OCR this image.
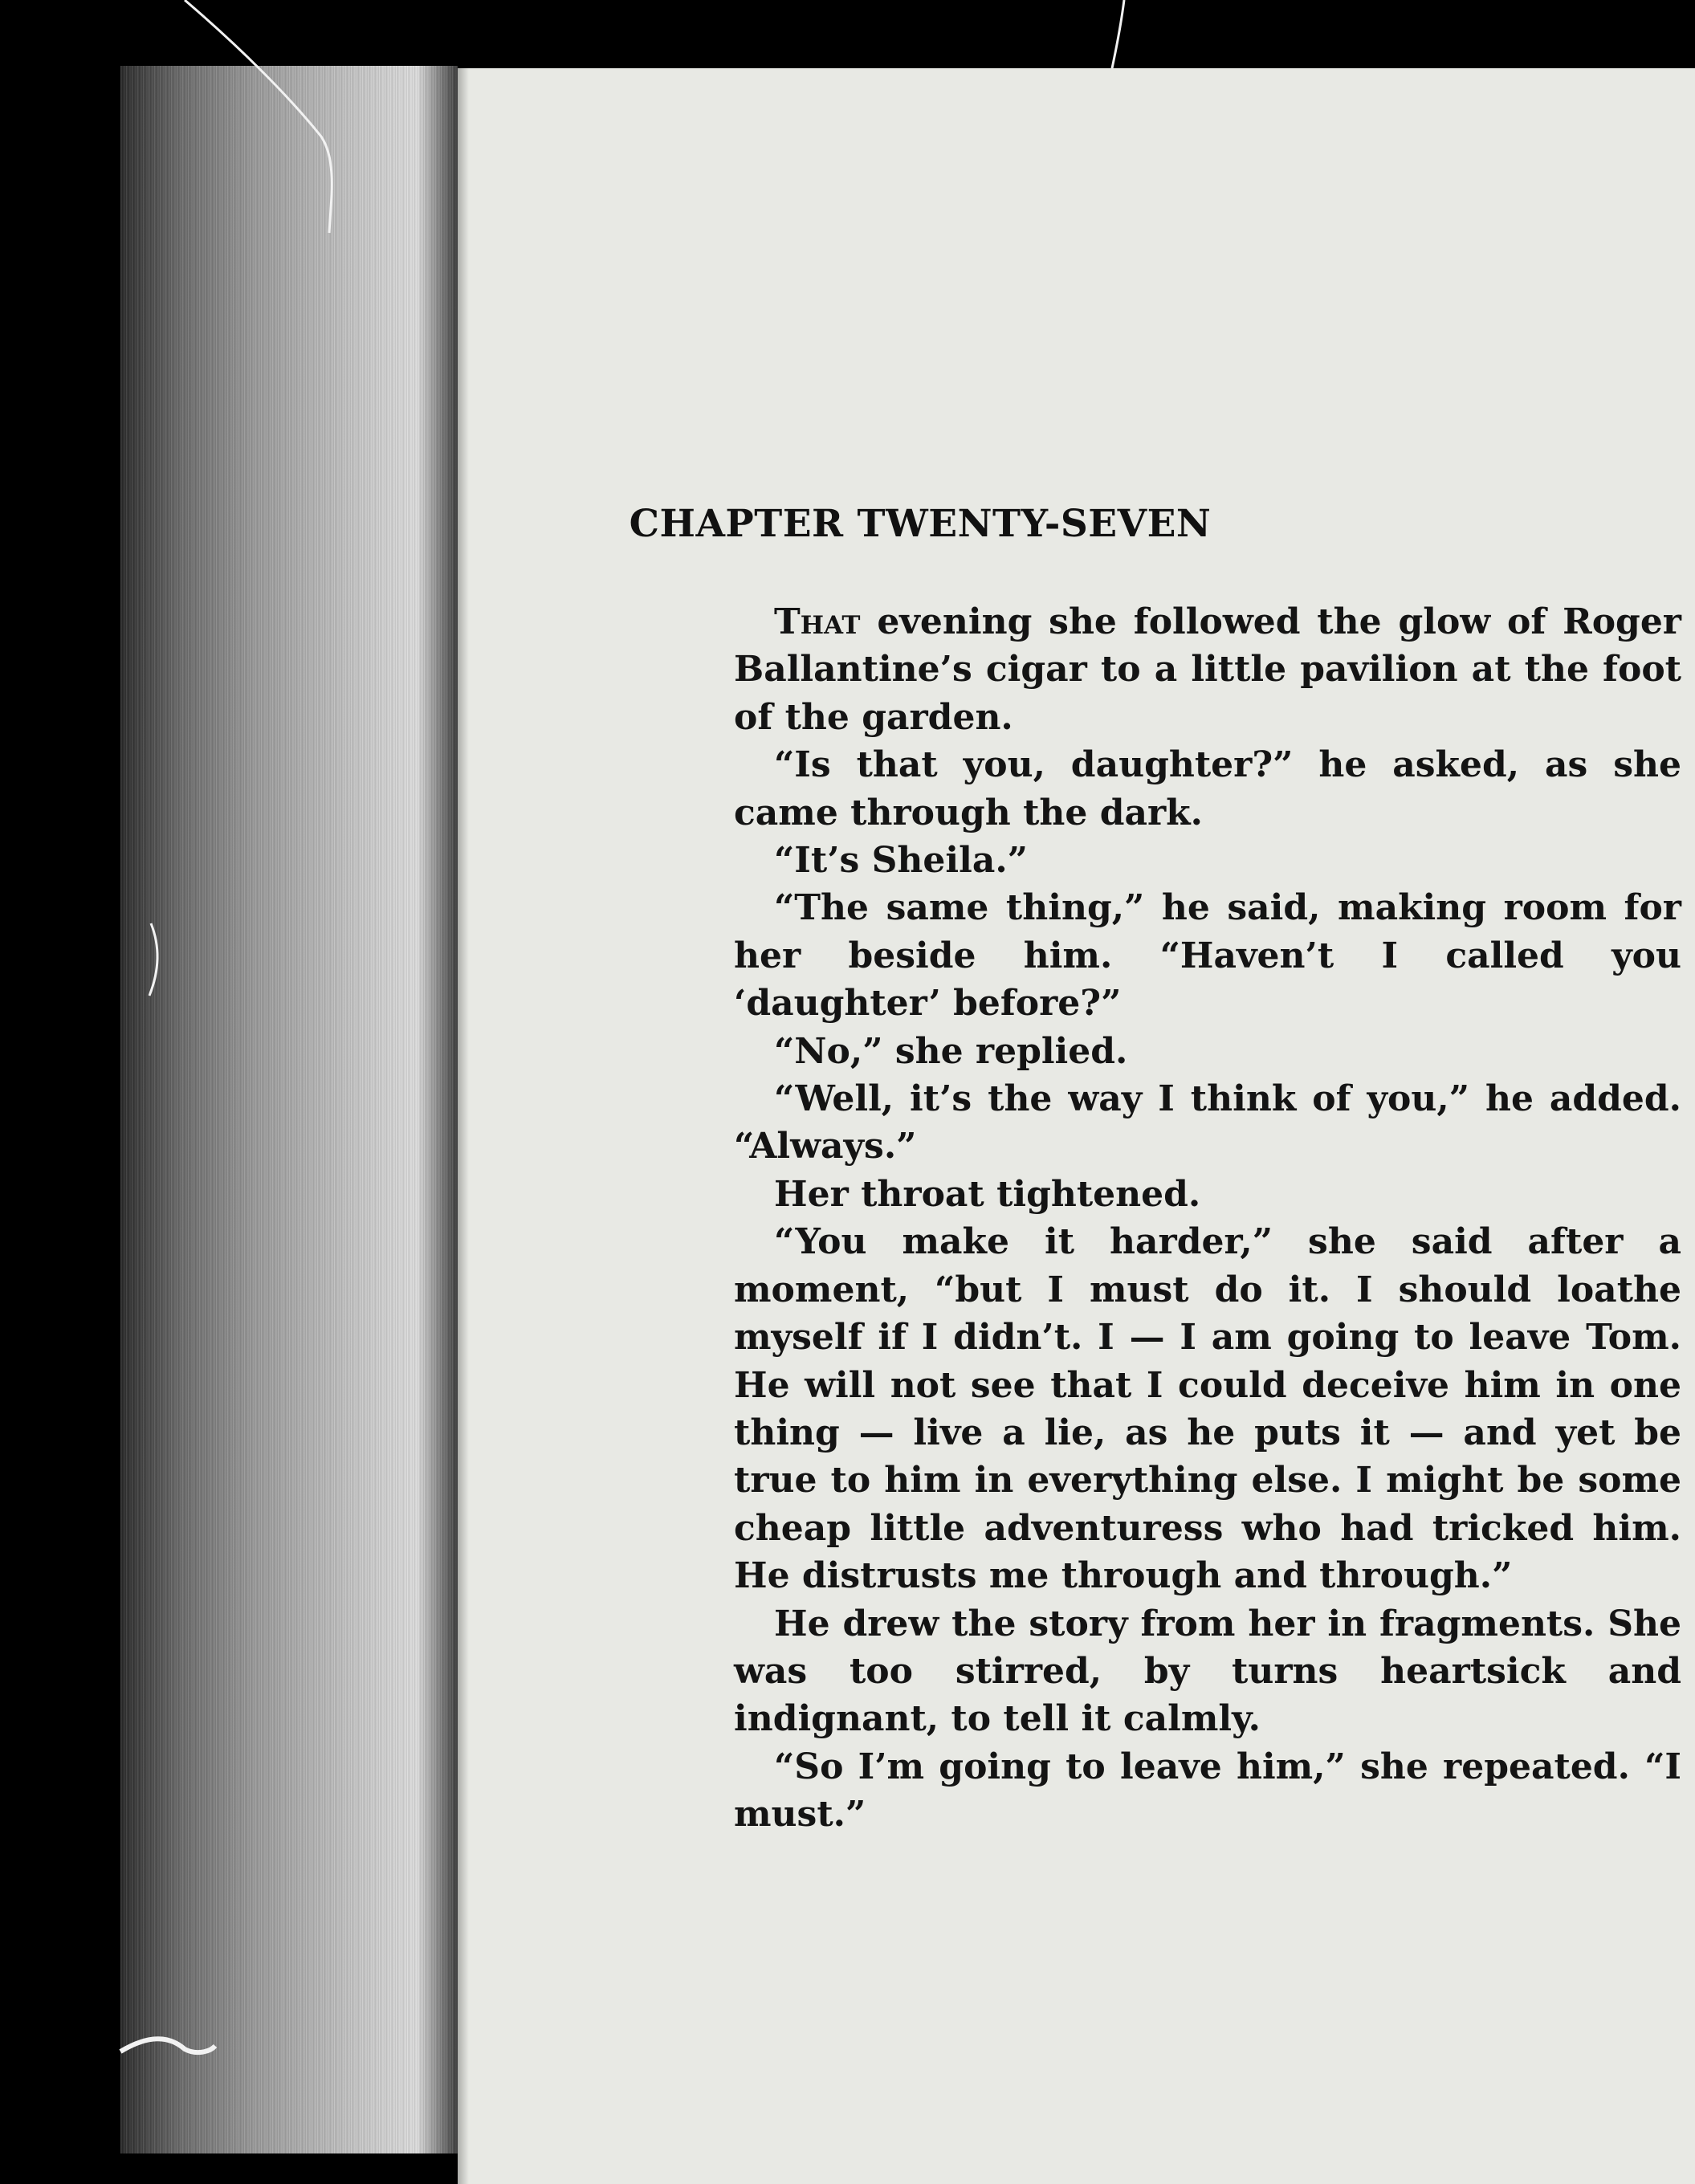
CHAPTER TWENTY-SEVEN

That evening she followed the glow of Roger Ballantine’s cigar to a little pavilion at the foot of the garden.

“Is that you, daughter?” he asked, as she came through the dark.

“It’s Sheila.”

“The same thing,” he said, making room for her beside him. “Haven’t I called you ‘daughter’ before?”

“No,” she replied.

“Well, it’s the way I think of you,” he added. “Always.”

Her throat tightened.

“You make it harder,” she said after a moment, “but I must do it. I should loathe myself if I didn’t. I — I am going to leave Tom. He will not see that I could deceive him in one thing — live a lie, as he puts it — and yet be true to him in everything else. I might be some cheap little adventuress who had tricked him. He distrusts me through and through.”

He drew the story from her in fragments. She was too stirred, by turns heartsick and indignant, to tell it calmly.

“So I’m going to leave him,” she repeated. “I must.”
